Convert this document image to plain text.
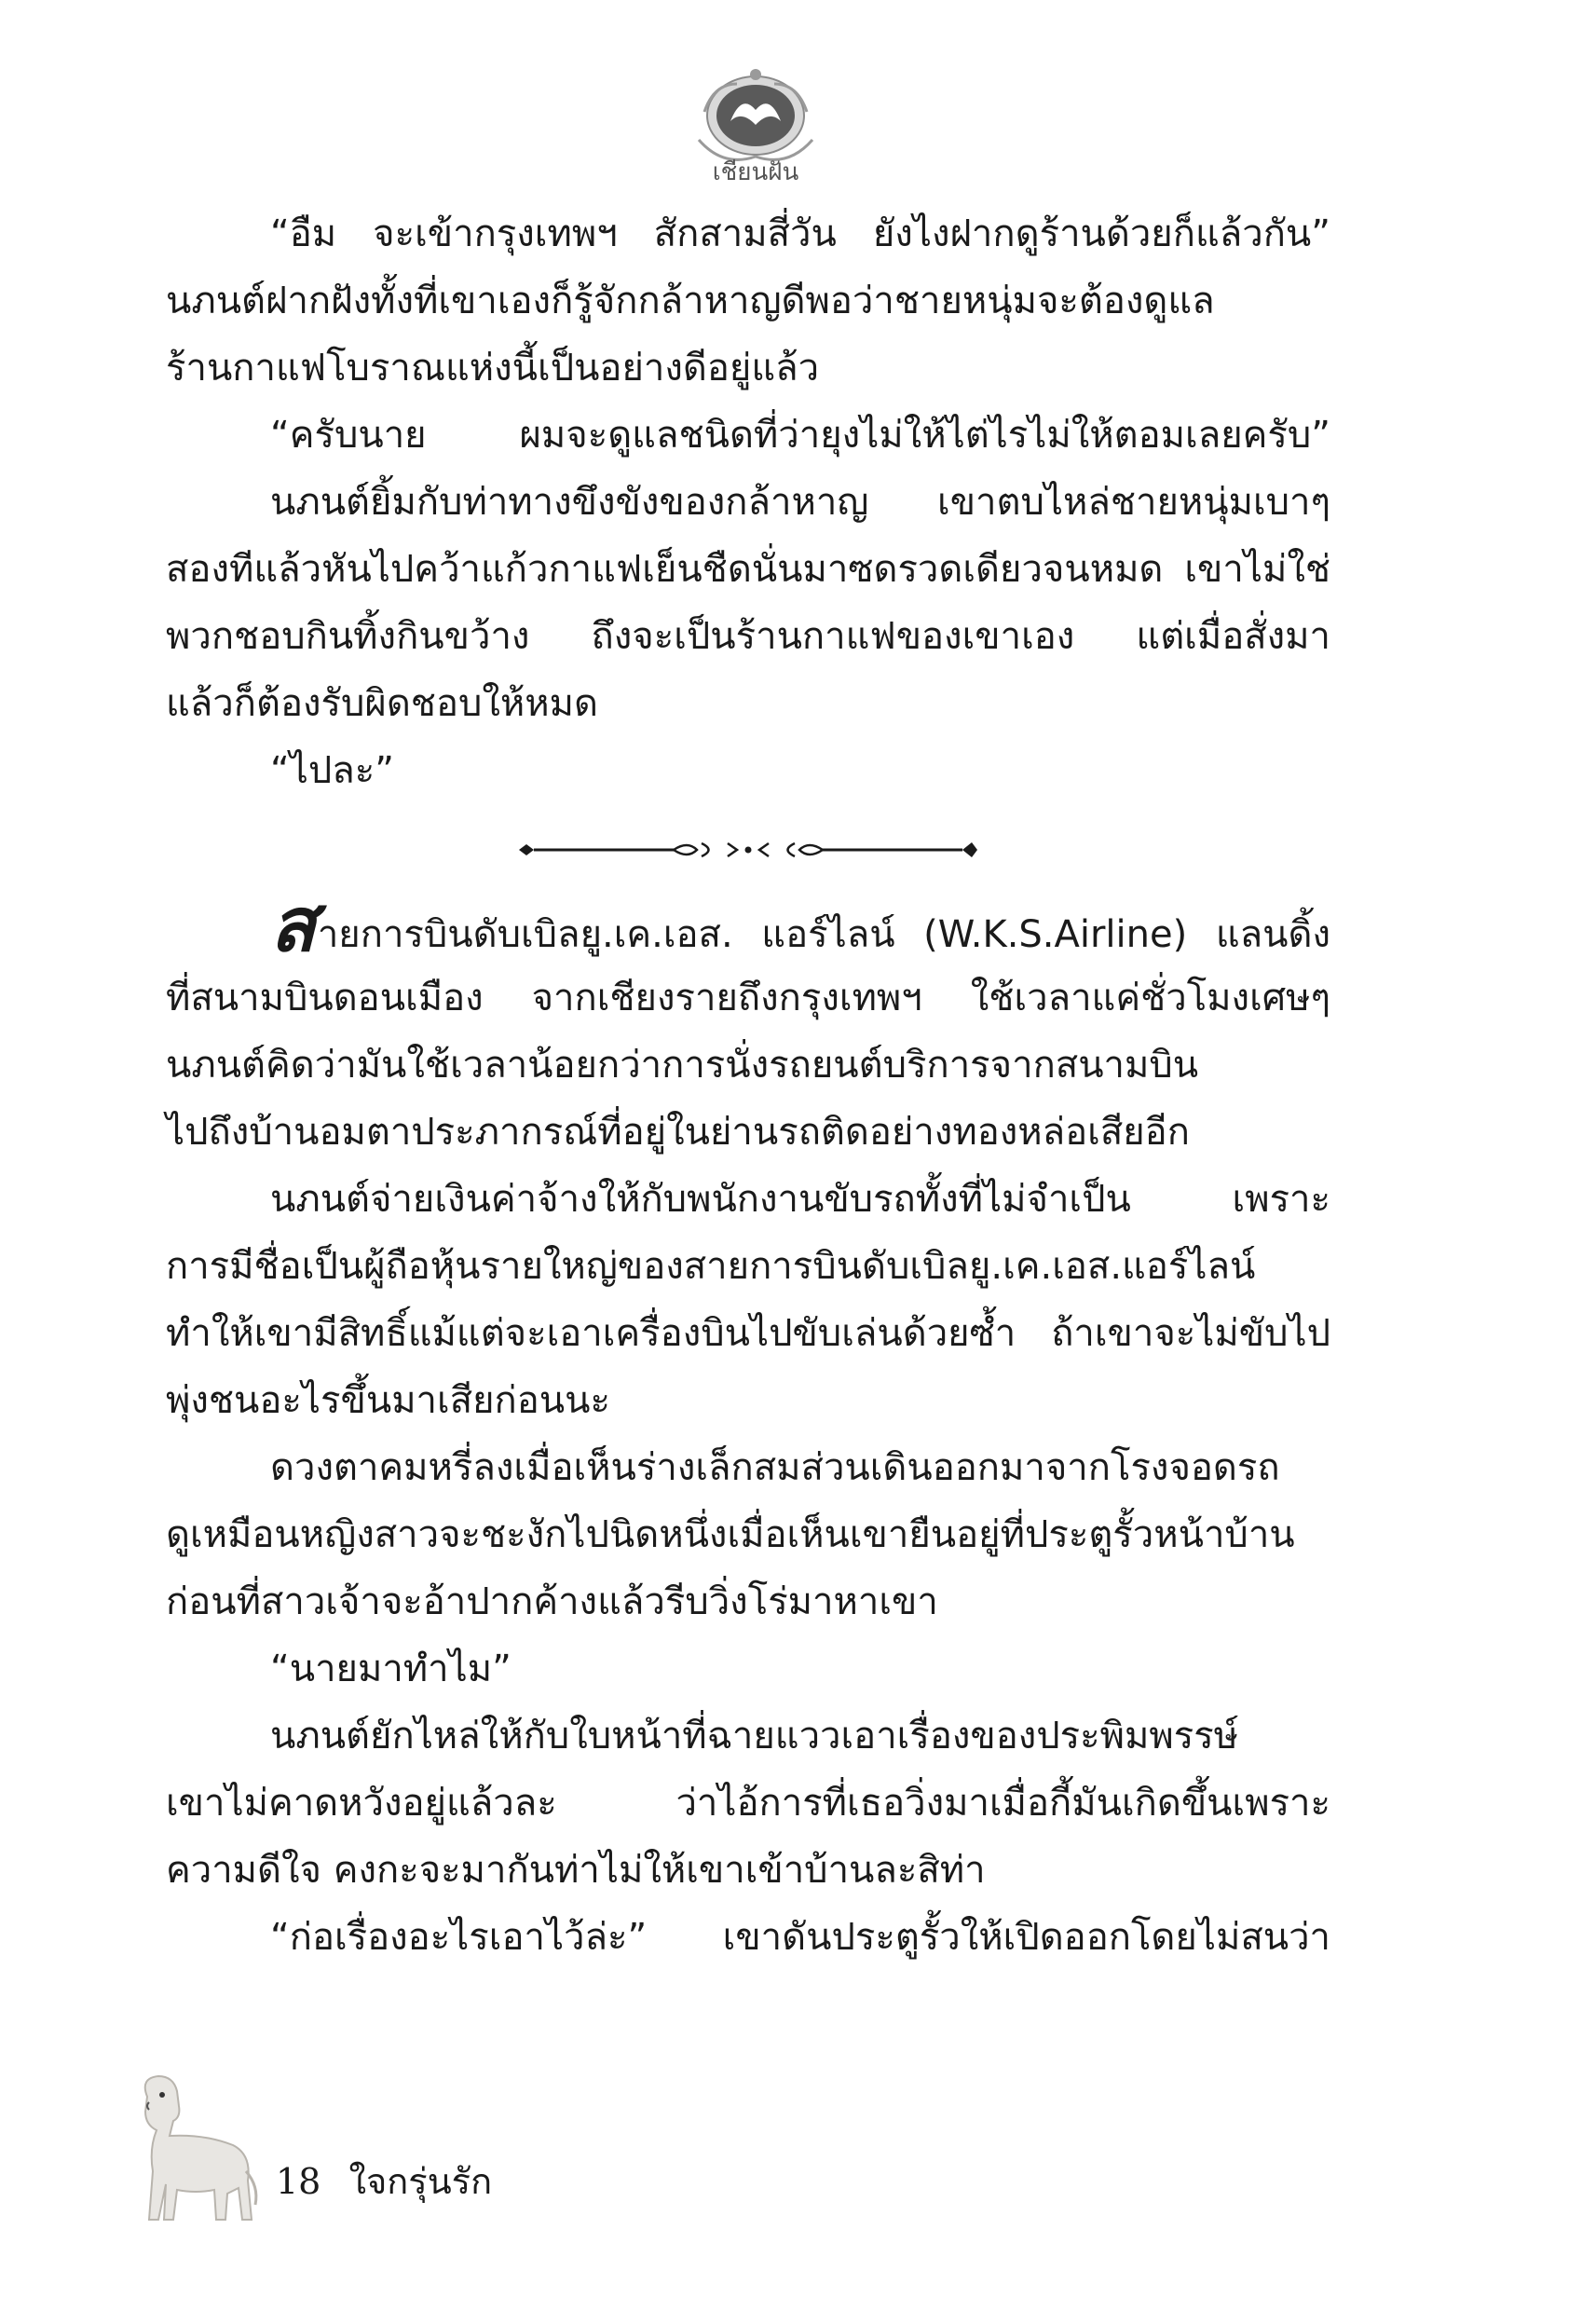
เชียนฝัน
“อืม จะเข้ากรุงเทพฯ สักสามสี่วัน ยังไงฝากดูร้านด้วยก็แล้วกัน”
นภนต์ฝากฝังทั้งที่เขาเองก็รู้จักกล้าหาญดีพอว่าชายหนุ่มจะต้องดูแล
ร้านกาแฟโบราณแห่งนี้เป็นอย่างดีอยู่แล้ว
“ครับนาย ผมจะดูแลชนิดที่ว่ายุงไม่ให้ไต่ไรไม่ให้ตอมเลยครับ”
นภนต์ยิ้มกับท่าทางขึงขังของกล้าหาญ เขาตบไหล่ชายหนุ่มเบาๆ
สองทีแล้วหันไปคว้าแก้วกาแฟเย็นชืดนั่นมาซดรวดเดียวจนหมด เขาไม่ใช่
พวกชอบกินทิ้งกินขว้าง ถึงจะเป็นร้านกาแฟของเขาเอง แต่เมื่อสั่งมา
แล้วก็ต้องรับผิดชอบให้หมด
“ไปละ”
สายการบินดับเบิลยู.เค.เอส. แอร์ไลน์ (W.K.S.Airline) แลนดิ้ง
ที่สนามบินดอนเมือง จากเชียงรายถึงกรุงเทพฯ ใช้เวลาแค่ชั่วโมงเศษๆ
นภนต์คิดว่ามันใช้เวลาน้อยกว่าการนั่งรถยนต์บริการจากสนามบิน
ไปถึงบ้านอมตาประภากรณ์ที่อยู่ในย่านรถติดอย่างทองหล่อเสียอีก
นภนต์จ่ายเงินค่าจ้างให้กับพนักงานขับรถทั้งที่ไม่จำเป็น เพราะ
การมีชื่อเป็นผู้ถือหุ้นรายใหญ่ของสายการบินดับเบิลยู.เค.เอส.แอร์ไลน์
ทำให้เขามีสิทธิ์แม้แต่จะเอาเครื่องบินไปขับเล่นด้วยซ้ำ ถ้าเขาจะไม่ขับไป
พุ่งชนอะไรขึ้นมาเสียก่อนนะ
ดวงตาคมหรี่ลงเมื่อเห็นร่างเล็กสมส่วนเดินออกมาจากโรงจอดรถ
ดูเหมือนหญิงสาวจะชะงักไปนิดหนึ่งเมื่อเห็นเขายืนอยู่ที่ประตูรั้วหน้าบ้าน
ก่อนที่สาวเจ้าจะอ้าปากค้างแล้วรีบวิ่งโร่มาหาเขา
“นายมาทำไม”
นภนต์ยักไหล่ให้กับใบหน้าที่ฉายแววเอาเรื่องของประพิมพรรษ์
เขาไม่คาดหวังอยู่แล้วละ ว่าไอ้การที่เธอวิ่งมาเมื่อกี้มันเกิดขึ้นเพราะ
ความดีใจ คงกะจะมากันท่าไม่ให้เขาเข้าบ้านละสิท่า
“ก่อเรื่องอะไรเอาไว้ล่ะ” เขาดันประตูรั้วให้เปิดออกโดยไม่สนว่า
18 ใจกรุ่นรัก
